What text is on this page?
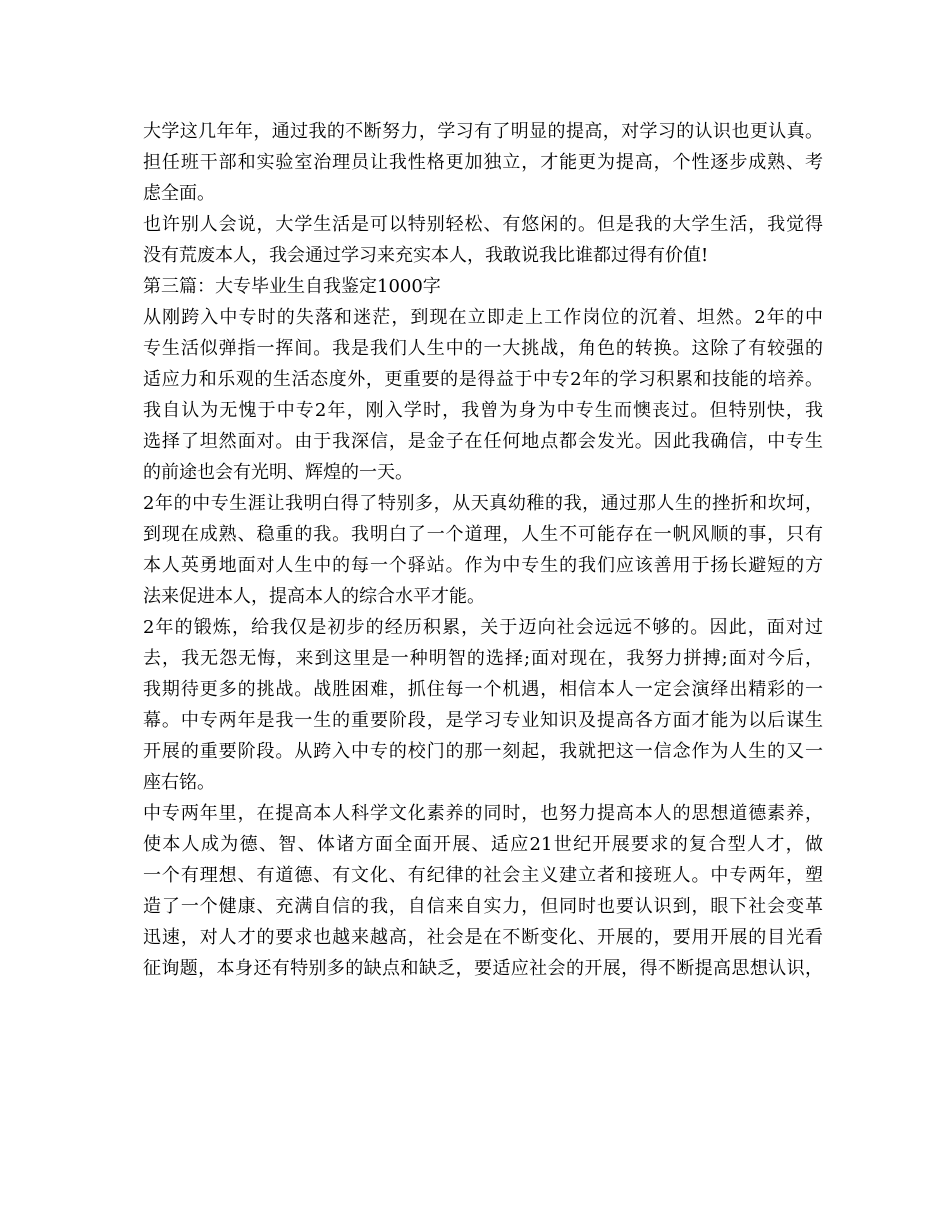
大学这几年年，通过我的不断努力，学习有了明显的提高，对学习的认识也更认真。
担任班干部和实验室治理员让我性格更加独立，才能更为提高，个性逐步成熟、考
虑全面。
也许别人会说，大学生活是可以特别轻松、有悠闲的。但是我的大学生活，我觉得
没有荒废本人，我会通过学习来充实本人，我敢说我比谁都过得有价值!
第三篇：大专毕业生自我鉴定1000字
从刚跨入中专时的失落和迷茫，到现在立即走上工作岗位的沉着、坦然。2年的中
专生活似弹指一挥间。我是我们人生中的一大挑战，角色的转换。这除了有较强的
适应力和乐观的生活态度外，更重要的是得益于中专2年的学习积累和技能的培养。
我自认为无愧于中专2年，刚入学时，我曾为身为中专生而懊丧过。但特别快，我
选择了坦然面对。由于我深信，是金子在任何地点都会发光。因此我确信，中专生
的前途也会有光明、辉煌的一天。
2年的中专生涯让我明白得了特别多，从天真幼稚的我，通过那人生的挫折和坎坷，
到现在成熟、稳重的我。我明白了一个道理，人生不可能存在一帆风顺的事，只有
本人英勇地面对人生中的每一个驿站。作为中专生的我们应该善用于扬长避短的方
法来促进本人，提高本人的综合水平才能。
2年的锻炼，给我仅是初步的经历积累，关于迈向社会远远不够的。因此，面对过
去，我无怨无悔，来到这里是一种明智的选择;面对现在，我努力拼搏;面对今后，
我期待更多的挑战。战胜困难，抓住每一个机遇，相信本人一定会演绎出精彩的一
幕。中专两年是我一生的重要阶段，是学习专业知识及提高各方面才能为以后谋生
开展的重要阶段。从跨入中专的校门的那一刻起，我就把这一信念作为人生的又一
座右铭。
中专两年里，在提高本人科学文化素养的同时，也努力提高本人的思想道德素养，
使本人成为德、智、体诸方面全面开展、适应21世纪开展要求的复合型人才，做
一个有理想、有道德、有文化、有纪律的社会主义建立者和接班人。中专两年，塑
造了一个健康、充满自信的我，自信来自实力，但同时也要认识到，眼下社会变革
迅速，对人才的要求也越来越高，社会是在不断变化、开展的，要用开展的目光看
征询题，本身还有特别多的缺点和缺乏，要适应社会的开展，得不断提高思想认识，
